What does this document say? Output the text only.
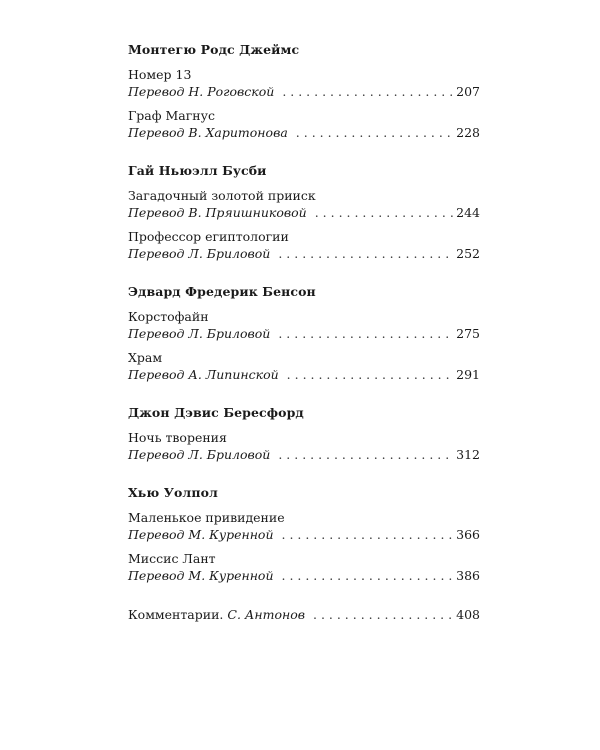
Монтегю Родс Джеймс
Номер 13
Перевод Н. Роговской . . .	207
Граф Магнус
Перевод В. Харитонова . . .	228
Гай Ньюэлл Бусби
Загадочный золотой прииск
Перевод В. Пряишниковой . . .	244
Профессор египтологии
Перевод Л. Бриловой . . .	252
Эдвард Фредерик Бенсон
Корстофайн
Перевод Л. Бриловой . . .	275
Храм
Перевод А. Липинской . . .	291
Джон Дэвис Бересфорд
Ночь творения
Перевод Л. Бриловой . . .	312
Хью Уолпол
Маленькое привидение
Перевод М. Куренной . . .	366
Миссис Лант
Перевод М. Куренной . . .	386
Комментарии. С. Антонов . . .	408
